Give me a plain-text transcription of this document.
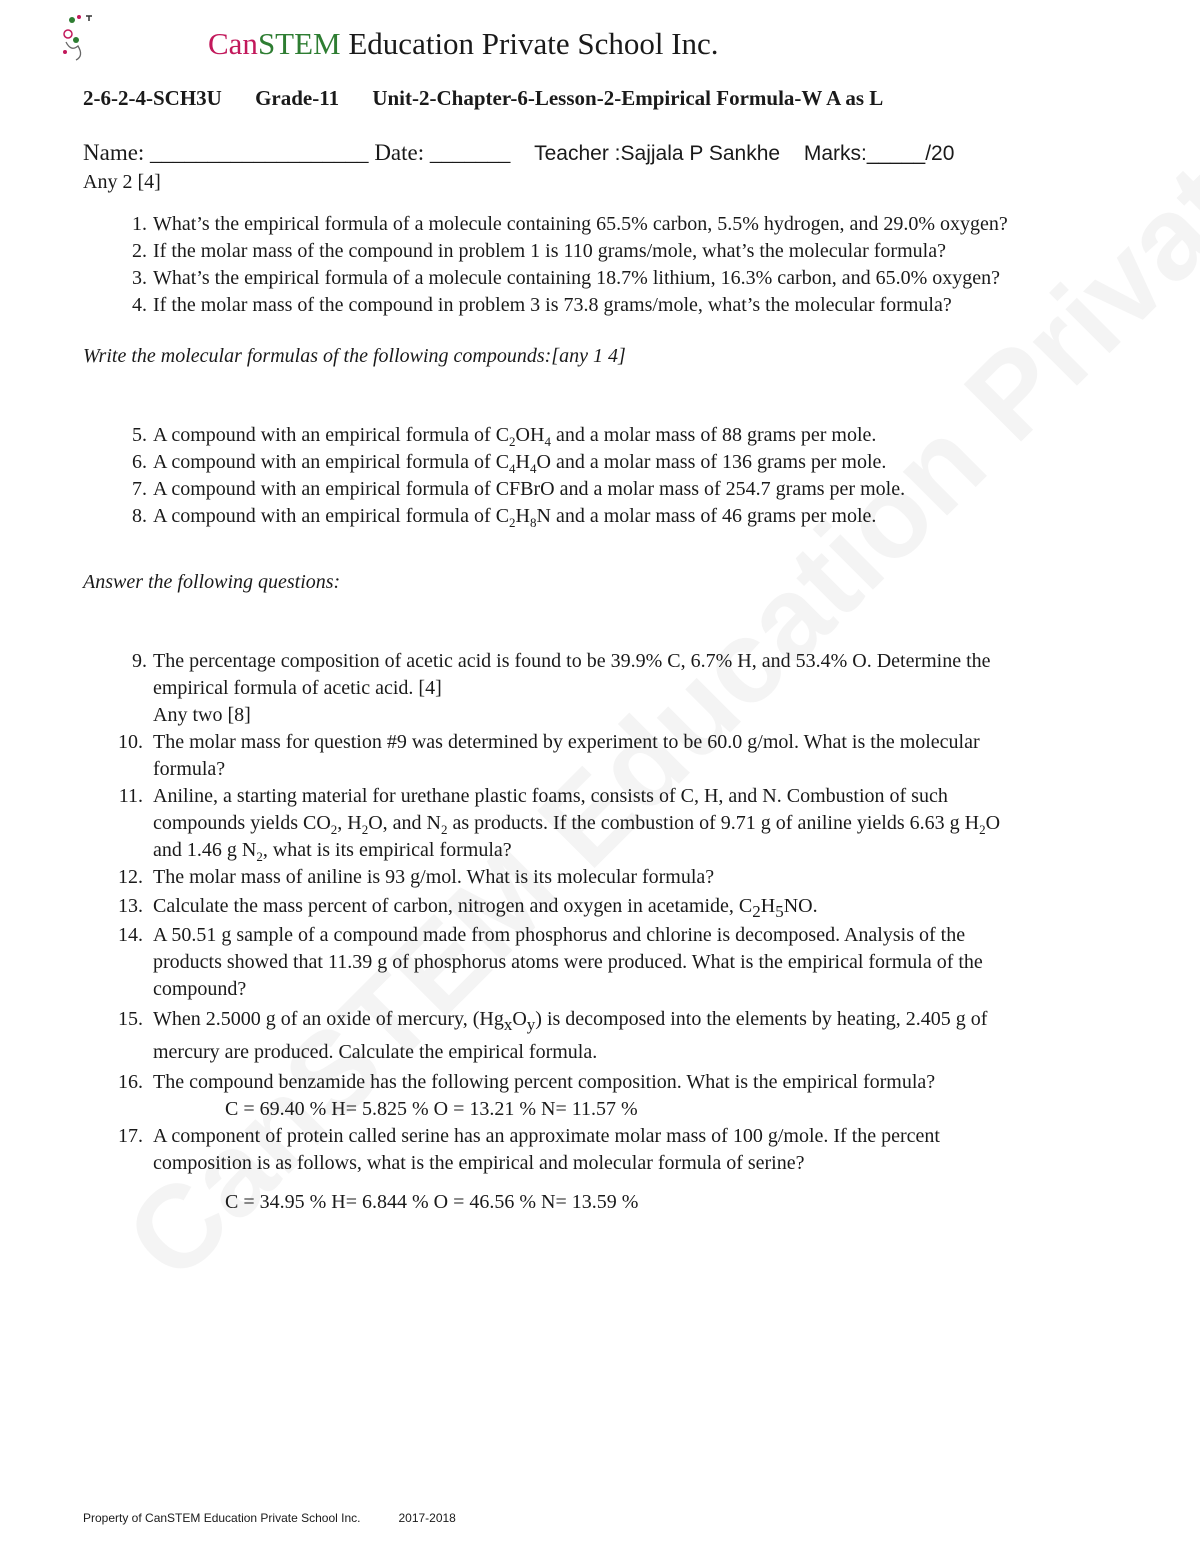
CanSTEM Education Private School Inc.
2-6-2-4-SCH3U Grade-11 Unit-2-Chapter-6-Lesson-2-Empirical Formula-W A as L
Name: ___________________ Date: _______ Teacher :Sajjala P Sankhe Marks:_____/20
Any 2 [4]
1. What’s the empirical formula of a molecule containing 65.5% carbon, 5.5% hydrogen, and 29.0% oxygen?
2. If the molar mass of the compound in problem 1 is 110 grams/mole, what’s the molecular formula?
3. What’s the empirical formula of a molecule containing 18.7% lithium, 16.3% carbon, and 65.0% oxygen?
4. If the molar mass of the compound in problem 3 is 73.8 grams/mole, what’s the molecular formula?
Write the molecular formulas of the following compounds:[any 1 4]
5. A compound with an empirical formula of $C_2OH_4$ and a molar mass of 88 grams per mole.
6. A compound with an empirical formula of $C_4H_4O$ and a molar mass of 136 grams per mole.
7. A compound with an empirical formula of CFBrO and a molar mass of 254.7 grams per mole.
8. A compound with an empirical formula of $C_2H_8N$ and a molar mass of 46 grams per mole.
Answer the following questions:
9. The percentage composition of acetic acid is found to be 39.9% C, 6.7% H, and 53.4% O. Determine the
empirical formula of acetic acid. [4]
Any two [8]
10. The molar mass for question #9 was determined by experiment to be 60.0 g/mol. What is the molecular
formula?
11. Aniline, a starting material for urethane plastic foams, consists of C, H, and N. Combustion of such
compounds yields $CO_2$, $H_2O$, and $N_2$ as products. If the combustion of 9.71 g of aniline yields 6.63 g $H_2O$
and 1.46 g $N_2$, what is its empirical formula?
12. The molar mass of aniline is 93 g/mol. What is its molecular formula?
13. Calculate the mass percent of carbon, nitrogen and oxygen in acetamide, $C_2H_5NO$.
14. A 50.51 g sample of a compound made from phosphorus and chlorine is decomposed. Analysis of the
products showed that 11.39 g of phosphorus atoms were produced. What is the empirical formula of the
compound?
15. When 2.5000 g of an oxide of mercury, $(Hg_xO_y)$ is decomposed into the elements by heating, 2.405 g of
mercury are produced. Calculate the empirical formula.
16. The compound benzamide has the following percent composition. What is the empirical formula?
C = 69.40 % H= 5.825 % O = 13.21 % N= 11.57 %
17. A component of protein called serine has an approximate molar mass of 100 g/mole. If the percent
composition is as follows, what is the empirical and molecular formula of serine?
C = 34.95 % H= 6.844 % O = 46.56 % N= 13.59 %
Property of CanSTEM Education Private School Inc.	2017-2018
